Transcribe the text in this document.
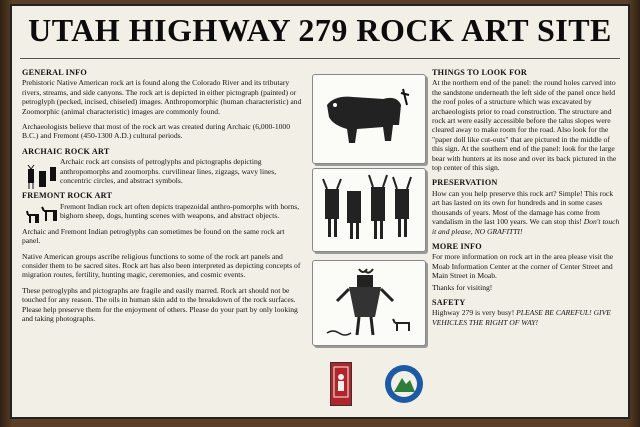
UTAH HIGHWAY 279 ROCK ART SITE
GENERAL INFO

Prehistoric Native American rock art is found along the Colorado River and its tributary rivers, streams, and side canyons. The rock art is depicted in either pictograph (painted) or petroglyph (pecked, incised, chiseled) images. Anthropomorphic (human characteristic) and Zoomorphic (animal characteristic) images are commonly found.

Archaeologists believe that most of the rock art was created during Archaic (6,000-1000 B.C.) and Fremont (450-1300 A.D.) cultural periods.

ARCHAIC ROCK ART

Archaic rock art consists of petroglyphs and pictographs depicting anthropomorphs and zoomorphs. curvilinear lines, zigzags, wavy lines, concentric circles, and abstract symbols.

FREMONT ROCK ART

Fremont Indian rock art often depicts trapezoidal anthro-pomorphs with horns, bighorn sheep, dogs, hunting scenes with weapons, and abstract objects.

Archaic and Fremont Indian petroglyphs can sometimes be found on the same rock art panel.

Native American groups ascribe religious functions to some of the rock art panels and consider them to be sacred sites. Rock art has also been interpreted as depicting concepts of migration routes, fertility, hunting magic, ceremonies, and cosmic events.

These petroglyphs and pictographs are fragile and easily marred. Rock art should not be touched for any reason. The oils in human skin add to the breakdown of the rock surfaces. Please help preserve them for the enjoyment of others. Please do your part by only looking and taking photographs.

THINGS TO LOOK FOR

At the northern end of the panel: the round holes carved into the sandstone underneath the left side of the panel once held the roof poles of a structure which was excavated by archaeologists prior to road construction. The structure and rock art were easily accessible before the talus slopes were cleared away to make room for the road. Also look for the "paper doll like cut-outs" that are pictured in the middle of this sign. At the southern end of the panel: look for the large bear with hunters at its nose and over its back pictured in the top center of this sign.

PRESERVATION

How can you help preserve this rock art? Simple! This rock art has lasted on its own for hundreds and in some cases thousands of years. Most of the damage has come from vandalism in the last 100 years. We can stop this! Don't touch it and please, NO GRAFITTI!

MORE INFO

For more information on rock art in the area please visit the Moab Information Center at the corner of Center Street and Main Street in Moab.

Thanks for visiting!

SAFETY

Highway 279 is very busy! PLEASE BE CAREFUL! GIVE VEHICLES THE RIGHT OF WAY!
